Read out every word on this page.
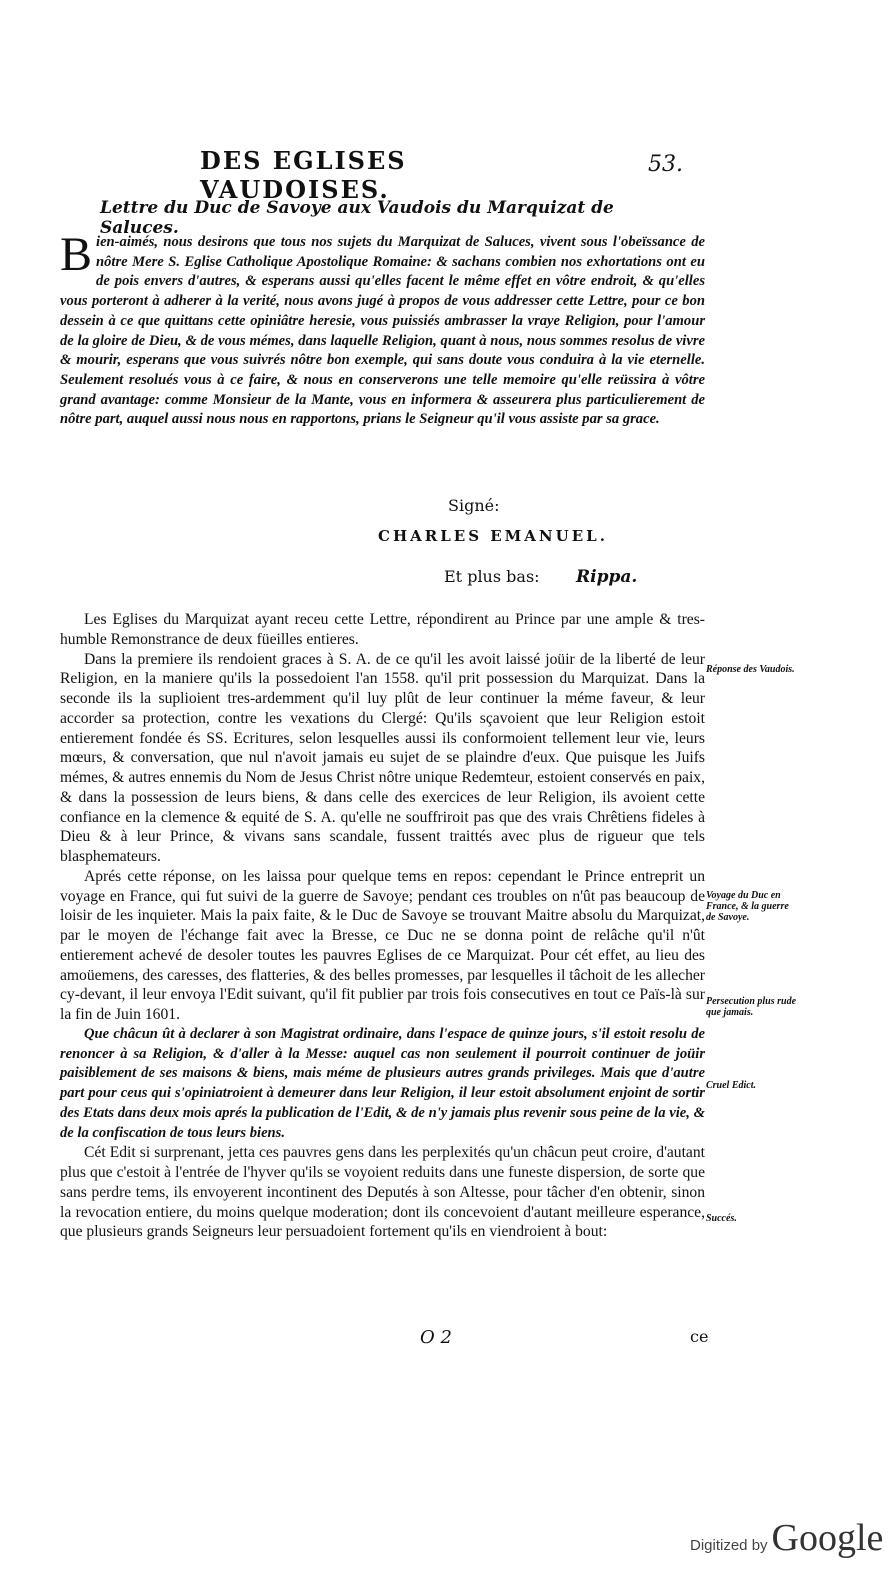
DES EGLISES VAUDOISES.
53.
Lettre du Duc de Savoye aux Vaudois du Marquizat de Saluces.
Bien-aimés, nous desirons que tous nos sujets du Marquizat de Saluces, vivent sous l'obeïssance de nôtre Mere S. Eglise Catholique Apostolique Romaine: & sachans combien nos exhortations ont eu de pois envers d'autres, & esperans aussi qu'elles facent le même effet en vôtre endroit, & qu'elles vous porteront à adherer à la verité, nous avons jugé à propos de vous addresser cette Lettre, pour ce bon dessein à ce que quittans cette opiniâtre heresie, vous puissiés ambrasser la vraye Religion, pour l'amour de la gloire de Dieu, & de vous mémes, dans laquelle Religion, quant à nous, nous sommes resolus de vivre & mourir, esperans que vous suivrés nôtre bon exemple, qui sans doute vous conduira à la vie eternelle. Seulement resolués vous à ce faire, & nous en conserverons une telle memoire qu'elle reüssira à vôtre grand avantage: comme Monsieur de la Mante, vous en informera & asseurera plus particulierement de nôtre part, auquel aussi nous nous en rapportons, prians le Seigneur qu'il vous assiste par sa grace.
Signé:
CHARLES EMANUEL.
Et plus bas: Rippa.

Les Eglises du Marquizat ayant receu cette Lettre, répondirent au Prince par une ample & tres-humble Remonstrance de deux füeilles entieres.

Dans la premiere ils rendoient graces à S. A. de ce qu'il les avoit laissé joüir de la liberté de leur Religion, en la maniere qu'ils la possedoient l'an 1558. qu'il prit possession du Marquizat. Dans la seconde ils la suplioient tres-ardemment qu'il luy plût de leur continuer la méme faveur, & leur accorder sa protection, contre les vexations du Clergé: Qu'ils sçavoient que leur Religion estoit entierement fondée és SS. Ecritures, selon lesquelles aussi ils conformoient tellement leur vie, leurs mœurs, & conversation, que nul n'avoit jamais eu sujet de se plaindre d'eux. Que puisque les Juifs mémes, & autres ennemis du Nom de Jesus Christ nôtre unique Redemteur, estoient conservés en paix, & dans la possession de leurs biens, & dans celle des exercices de leur Religion, ils avoient cette confiance en la clemence & equité de S. A. qu'elle ne souffriroit pas que des vrais Chrêtiens fideles à Dieu & à leur Prince, & vivans sans scandale, fussent traittés avec plus de rigueur que tels blasphemateurs.

Aprés cette réponse, on les laissa pour quelque tems en repos: cependant le Prince entreprit un voyage en France, qui fut suivi de la guerre de Savoye; pendant ces troubles on n'ût pas beaucoup de loisir de les inquieter. Mais la paix faite, & le Duc de Savoye se trouvant Maitre absolu du Marquizat, par le moyen de l'échange fait avec la Bresse, ce Duc ne se donna point de relâche qu'il n'ût entierement achevé de desoler toutes les pauvres Eglises de ce Marquizat. Pour cét effet, au lieu des amoüemens, des caresses, des flatteries, & des belles promesses, par lesquelles il tâchoit de les allecher cy-devant, il leur envoya l'Edit suivant, qu'il fit publier par trois fois consecutives en tout ce Païs-là sur la fin de Juin 1601.

Que châcun ût à declarer à son Magistrat ordinaire, dans l'espace de quinze jours, s'il estoit resolu de renoncer à sa Religion, & d'aller à la Messe: auquel cas non seulement il pourroit continuer de joüir paisiblement de ses maisons & biens, mais méme de plusieurs autres grands privileges. Mais que d'autre part pour ceus qui s'opiniatroient à demeurer dans leur Religion, il leur estoit absolument enjoint de sortir des Etats dans deux mois aprés la publication de l'Edit, & de n'y jamais plus revenir sous peine de la vie, & de la confiscation de tous leurs biens.

Cét Edit si surprenant, jetta ces pauvres gens dans les perplexités qu'un châcun peut croire, d'autant plus que c'estoit à l'entrée de l'hyver qu'ils se voyoient reduits dans une funeste dispersion, de sorte que sans perdre tems, ils envoyerent incontinent des Deputés à son Altesse, pour tâcher d'en obtenir, sinon la revocation entiere, du moins quelque moderation; dont ils concevoient d'autant meilleure esperance, que plusieurs grands Seigneurs leur persuadoient fortement qu'ils en viendroient à bout:

Réponse des Vaudois.
Voyage du Duc en France, & la guerre de Savoye.
Persecution plus rude que jamais.
Cruel Edict.
Succés.
O 2	ce
Digitized by Google
